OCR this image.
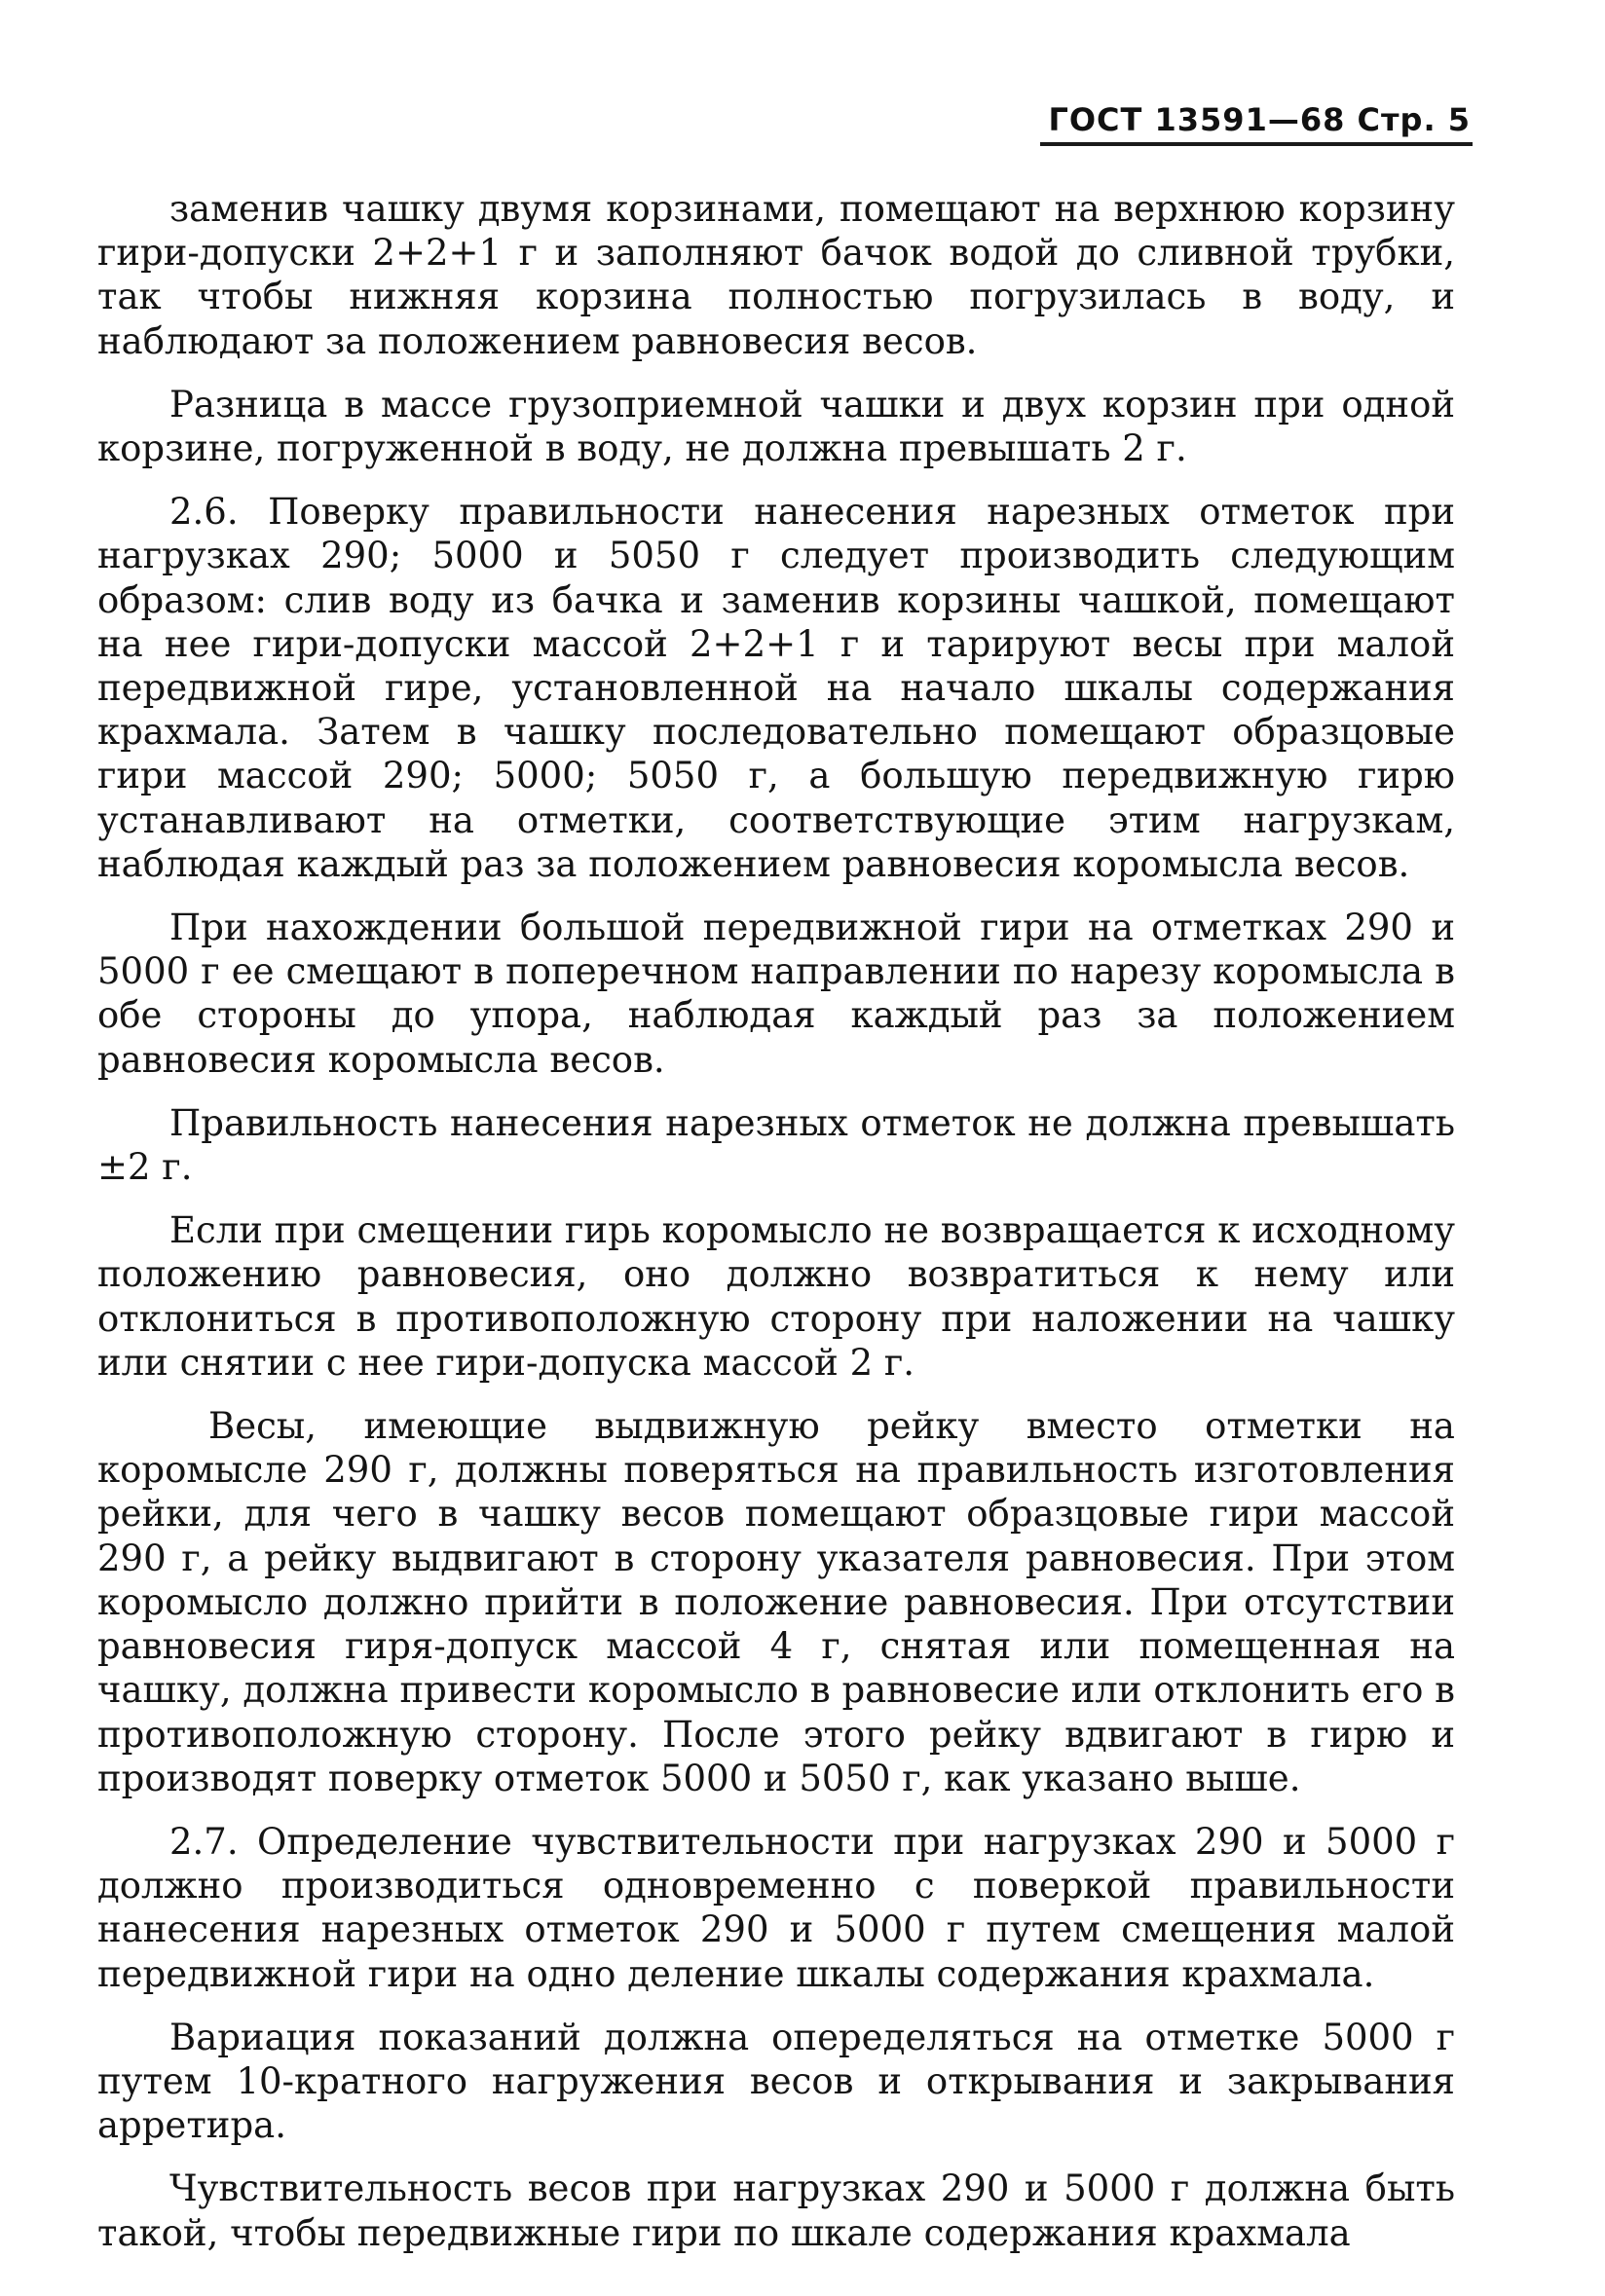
ГОСТ 13591—68 Стр. 5

заменив чашку двумя корзинами, помещают на верхнюю корзину гири-допуски 2+2+1 г и заполняют бачок водой до сливной трубки, так чтобы нижняя корзина полностью погрузилась в воду, и наблюдают за положением равновесия весов.

Разница в массе грузоприемной чашки и двух корзин при одной корзине, погруженной в воду, не должна превышать 2 г.

2.6. Поверку правильности нанесения нарезных отметок при нагрузках 290; 5000 и 5050 г следует производить следующим образом: слив воду из бачка и заменив корзины чашкой, помещают на нее гири-допуски массой 2+2+1 г и тарируют весы при малой передвижной гире, установленной на начало шкалы содержания крахмала. Затем в чашку последовательно помещают образцовые гири массой 290; 5000; 5050 г, а большую передвижную гирю устанавливают на отметки, соответствующие этим нагрузкам, наблюдая каждый раз за положением равновесия коромысла весов.

При нахождении большой передвижной гири на отметках 290 и 5000 г ее смещают в поперечном направлении по нарезу коромысла в обе стороны до упора, наблюдая каждый раз за положением равновесия коромысла весов.

Правильность нанесения нарезных отметок не должна превышать ±2 г.

Если при смещении гирь коромысло не возвращается к исходному положению равновесия, оно должно возвратиться к нему или отклониться в противоположную сторону при наложении на чашку или снятии с нее гири-допуска массой 2 г.

Весы, имеющие выдвижную рейку вместо отметки на коромысле 290 г, должны поверяться на правильность изготовления рейки, для чего в чашку весов помещают образцовые гири массой 290 г, а рейку выдвигают в сторону указателя равновесия. При этом коромысло должно прийти в положение равновесия. При отсутствии равновесия гиря-допуск массой 4 г, снятая или помещенная на чашку, должна привести коромысло в равновесие или отклонить его в противоположную сторону. После этого рейку вдвигают в гирю и производят поверку отметок 5000 и 5050 г, как указано выше.

2.7. Определение чувствительности при нагрузках 290 и 5000 г должно производиться одновременно с поверкой правильности нанесения нарезных отметок 290 и 5000 г путем смещения малой передвижной гири на одно деление шкалы содержания крахмала.

Вариация показаний должна опеределяться на отметке 5000 г путем 10-кратного нагружения весов и открывания и закрывания арретира.

Чувствительность весов при нагрузках 290 и 5000 г должна быть такой, чтобы передвижные гири по шкале содержания крахмала
